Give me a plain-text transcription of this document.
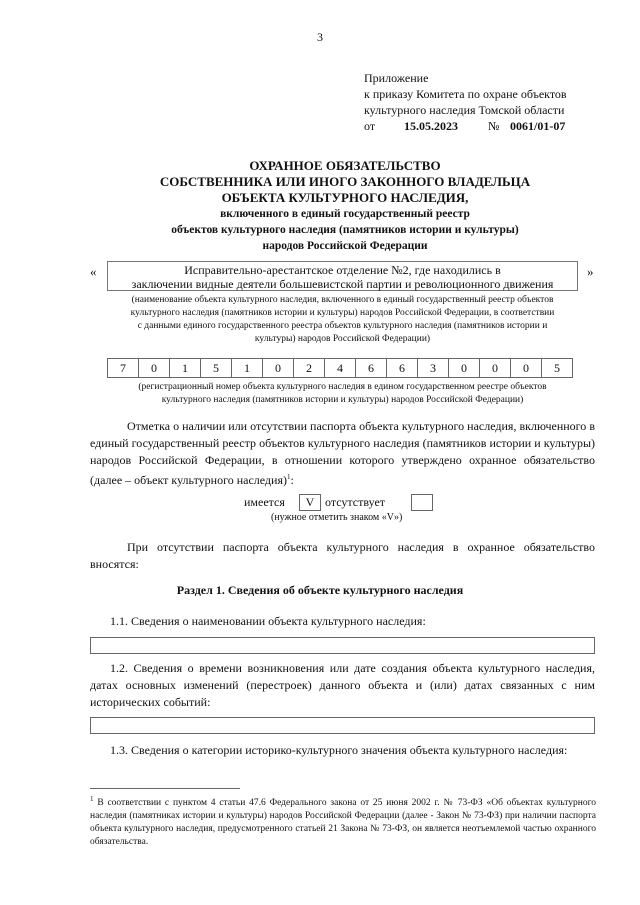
3
Приложение
к приказу Комитета по охране объектов
культурного наследия Томской области
от 15.05.2023	№ 0061/01-07
ОХРАННОЕ ОБЯЗАТЕЛЬСТВО
СОБСТВЕННИКА ИЛИ ИНОГО ЗАКОННОГО ВЛАДЕЛЬЦА
ОБЪЕКТА КУЛЬТУРНОГО НАСЛЕДИЯ,
включенного в единый государственный реестр
объектов культурного наследия (памятников истории и культуры)
народов Российской Федерации
«	Исправительно-арестантское отделение №2, где находились в
заключении видные деятели большевистской партии и революционного движения
»
(наименование объекта культурного наследия, включенного в единый государственный реестр объектов
культурного наследия (памятников истории и культуры) народов Российской Федерации, в соответствии
с данными единого государственного реестра объектов культурного наследия (памятников истории и
культуры) народов Российской Федерации)
7	0	1	5	1	0	2	4	6	6	3	0	0	0	5
(регистрационный номер объекта культурного наследия в едином государственном реестре объектов
культурного наследия (памятников истории и культуры) народов Российской Федерации)
Отметка о наличии или отсутствии паспорта объекта культурного наследия, включенного в единый государственный реестр объектов культурного наследия (памятников истории и культуры) народов Российской Федерации, в отношении которого утверждено охранное обязательство (далее – объект культурного наследия)$^1$:
имеется	V отсутствует
(нужное отметить знаком «V»)
При отсутствии паспорта объекта культурного наследия в охранное обязательство вносятся:
Раздел 1. Сведения об объекте культурного наследия
1.1. Сведения о наименовании объекта культурного наследия:
1.2. Сведения о времени возникновения или дате создания объекта культурного наследия, датах основных изменений (перестроек) данного объекта и (или) датах связанных с ним исторических событий:
1.3. Сведения о категории историко-культурного значения объекта культурного наследия:
$^1$ В соответствии с пунктом 4 статьи 47.6 Федерального закона от 25 июня 2002 г. № 73-ФЗ «Об объектах культурного наследия (памятниках истории и культуры) народов Российской Федерации (далее - Закон № 73-ФЗ) при наличии паспорта объекта культурного наследия, предусмотренного статьей 21 Закона № 73-ФЗ, он является неотъемлемой частью охранного обязательства.
